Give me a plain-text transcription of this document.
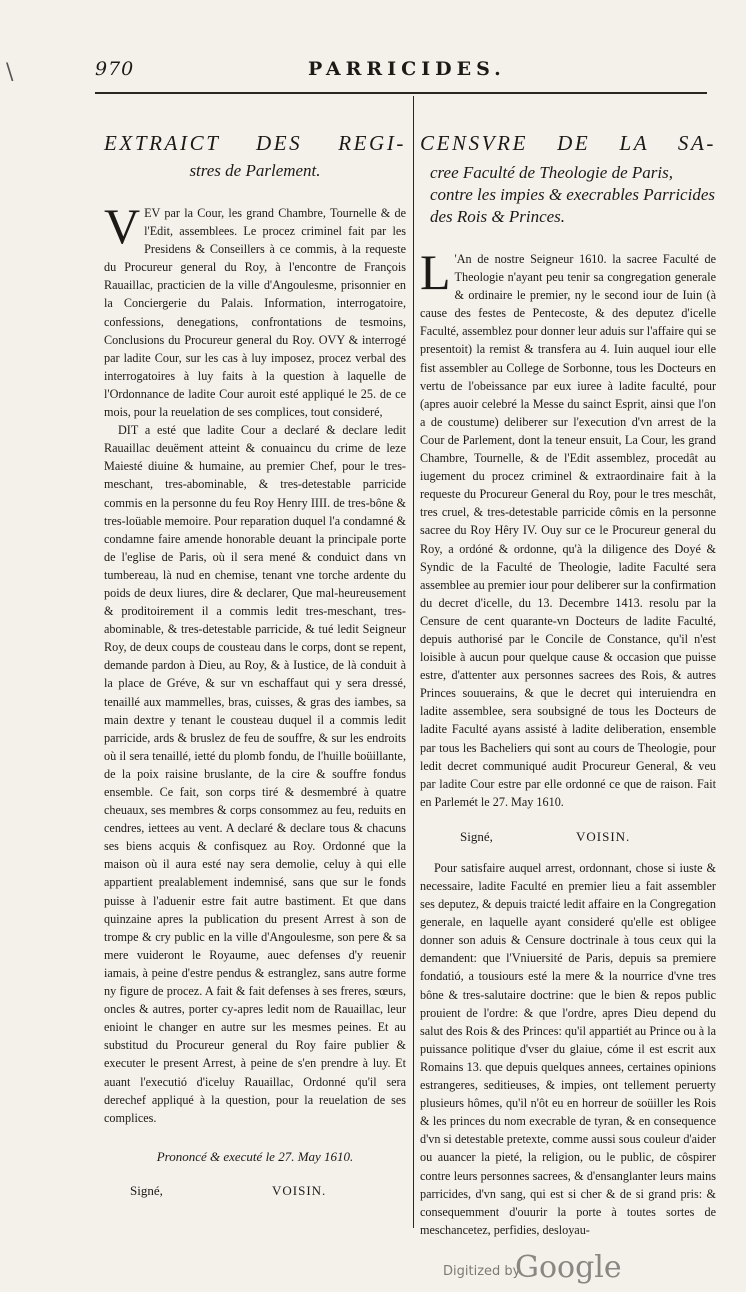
\	970	PARRICIDES.
EXTRAICT DES REGI-
stres de Parlement.
V EV par la Cour, les grand Chambre, Tournelle & de l'Edit, assemblees. Le procez criminel fait par les Presidens & Conseillers à ce commis, à la requeste du Procureur general du Roy, à l'encontre de François Rauaillac, practicien de la ville d'Angoulesme, prisonnier en la Conciergerie du Palais. Information, interrogatoire, confessions, denegations, confrontations de tesmoins, Conclusions du Procureur general du Roy. OVY & interrogé par ladite Cour, sur les cas à luy imposez, procez verbal des interrogatoires à luy faits à la question à laquelle de l'Ordonnance de ladite Cour auroit esté appliqué le 25. de ce mois, pour la reuelation de ses complices, tout consideré,

DIT a esté que ladite Cour a declaré & declare ledit Rauaillac deuëment atteint & conuaincu du crime de leze Maiesté diuine & humaine, au premier Chef, pour le tres-meschant, tres-abominable, & tres-detestable parricide commis en la personne du feu Roy Henry IIII. de tres-bône & tres-loüable memoire. Pour reparation duquel l'a condamné & condamne faire amende honorable deuant la principale porte de l'eglise de Paris, où il sera mené & conduict dans vn tumbereau, là nud en chemise, tenant vne torche ardente du poids de deux liures, dire & declarer, Que mal-heureusement & proditoirement il a commis ledit tres-meschant, tres-abominable, & tres-detestable parricide, & tué ledit Seigneur Roy, de deux coups de cousteau dans le corps, dont se repent, demande pardon à Dieu, au Roy, & à Iustice, de là conduit à la place de Gréve, & sur vn eschaffaut qui y sera dressé, tenaillé aux mammelles, bras, cuisses, & gras des iambes, sa main dextre y tenant le cousteau duquel il a commis ledit parricide, ards & bruslez de feu de souffre, & sur les endroits où il sera tenaillé, ietté du plomb fondu, de l'huille boüillante, de la poix raisine bruslante, de la cire & souffre fondus ensemble. Ce fait, son corps tiré & desmembré à quatre cheuaux, ses membres & corps consommez au feu, reduits en cendres, iettees au vent. A declaré & declare tous & chacuns ses biens acquis & confisquez au Roy. Ordonné que la maison où il aura esté nay sera demolie, celuy à qui elle appartient prealablement indemnisé, sans que sur le fonds puisse à l'aduenir estre fait autre bastiment. Et que dans quinzaine apres la publication du present Arrest à son de trompe & cry public en la ville d'Angoulesme, son pere & sa mere vuideront le Royaume, auec defenses d'y reuenir iamais, à peine d'estre pendus & estranglez, sans autre forme ny figure de procez. A fait & fait defenses à ses freres, sœurs, oncles & autres, porter cy-apres ledit nom de Rauaillac, leur enioint le changer en autre sur les mesmes peines. Et au substitud du Procureur general du Roy faire publier & executer le present Arrest, à peine de s'en prendre à luy. Et auant l'executió d'iceluy Rauaillac, Ordonné qu'il sera derechef appliqué à la question, pour la reuelation de ses complices.

Prononcé & executé le 27. May 1610.
Signé,	VOISIN.
CENSVRE DE LA SA-
cree Faculté de Theologie de Paris, contre les impies & execrables Parricides des Rois & Princes.
L 'An de nostre Seigneur 1610. la sacree Faculté de Theologie n'ayant peu tenir sa congregation generale & ordinaire le premier, ny le second iour de Iuin (à cause des festes de Pentecoste, & des deputez d'icelle Faculté, assemblez pour donner leur aduis sur l'affaire qui se presentoit) la remist & transfera au 4. Iuin auquel iour elle fist assembler au College de Sorbonne, tous les Docteurs en vertu de l'obeissance par eux iuree à ladite faculté, pour (apres auoir celebré la Messe du sainct Esprit, ainsi que l'on a de coustume) deliberer sur l'execution d'vn arrest de la Cour de Parlement, dont la teneur ensuit, La Cour, les grand Chambre, Tournelle, & de l'Edit assemblez, procedât au iugement du procez criminel & extraordinaire fait à la requeste du Procureur General du Roy, pour le tres meschât, tres cruel, & tres-detestable parricide cômis en la personne sacree du Roy Hêry IV. Ouy sur ce le Procureur general du Roy, a ordóné & ordonne, qu'à la diligence des Doyé & Syndic de la Faculté de Theologie, ladite Faculté sera assemblee au premier iour pour deliberer sur la confirmation du decret d'icelle, du 13. Decembre 1413. resolu par la Censure de cent quarante-vn Docteurs de ladite Faculté, depuis authorisé par le Concile de Constance, qu'il n'est loisible à aucun pour quelque cause & occasion que puisse estre, d'attenter aux personnes sacrees des Rois, & autres Princes souuerains, & que le decret qui interuiendra en ladite assemblee, sera soubsigné de tous les Docteurs de ladite Faculté ayans assisté à ladite deliberation, ensemble par tous les Bacheliers qui sont au cours de Theologie, pour ledit decret communiqué audit Procureur General, & veu par ladite Cour estre par elle ordonné ce que de raison. Fait en Parlemét le 27. May 1610.

Signé,	VOISIN.

Pour satisfaire auquel arrest, ordonnant, chose si iuste & necessaire, ladite Faculté en premier lieu a fait assembler ses deputez, & depuis traicté ledit affaire en la Congregation generale, en laquelle ayant consideré qu'elle est obligee donner son aduis & Censure doctrinale à tous ceux qui la demandent: que l'Vniuersité de Paris, depuis sa premiere fondatió, a tousiours esté la mere & la nourrice d'vne tres bône & tres-salutaire doctrine: que le bien & repos public prouient de l'ordre: & que l'ordre, apres Dieu depend du salut des Rois & des Princes: qu'il appartiét au Prince ou à la puissance politique d'vser du glaiue, cóme il est escrit aux Romains 13. que depuis quelques annees, certaines opinions estrangeres, seditieuses, & impies, ont tellement peruerty plusieurs hômes, qu'il n'ôt eu en horreur de soüiller les Rois & les princes du nom execrable de tyran, & en consequence d'vn si detestable pretexte, comme aussi sous couleur d'aider ou auancer la pieté, la religion, ou le public, de côspirer contre leurs personnes sacrees, & d'ensanglanter leurs mains parricides, d'vn sang, qui est si cher & de si grand pris: & consequemment d'ouurir la porte à toutes sortes de meschancetez, perfidies, desloyau-

Digitized by
Google
